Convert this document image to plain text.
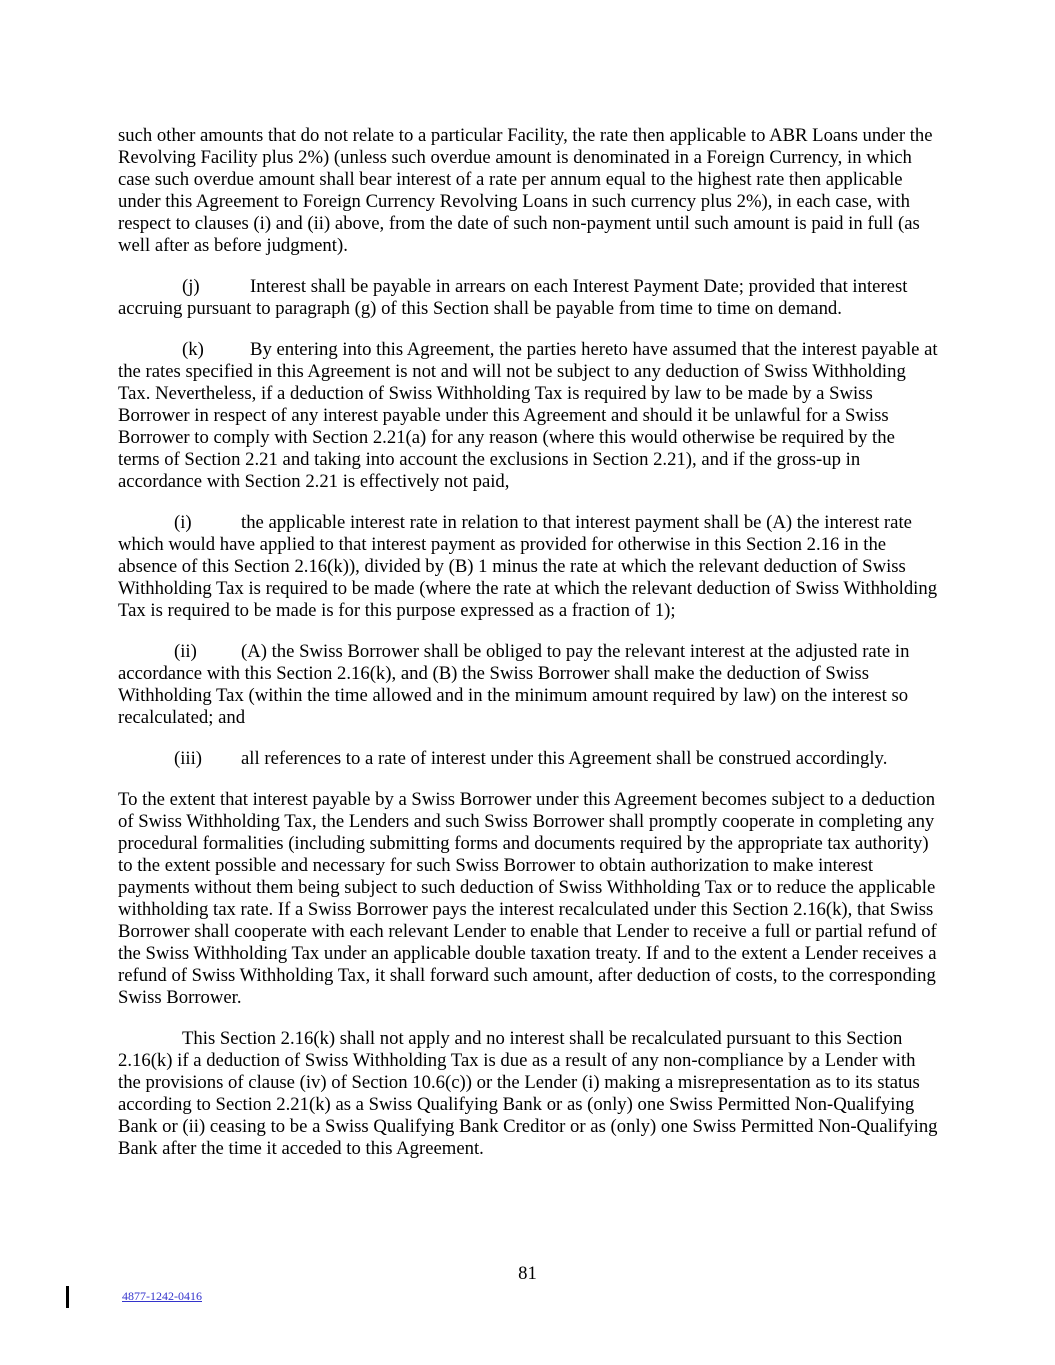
such other amounts that do not relate to a particular Facility, the rate then applicable to ABR Loans under the Revolving Facility plus 2%) (unless such overdue amount is denominated in a Foreign Currency, in which case such overdue amount shall bear interest of a rate per annum equal to the highest rate then applicable under this Agreement to Foreign Currency Revolving Loans in such currency plus 2%), in each case, with respect to clauses (i) and (ii) above, from the date of such non-payment until such amount is paid in full (as well after as before judgment).

(j)	Interest shall be payable in arrears on each Interest Payment Date; provided that interest accruing pursuant to paragraph (g) of this Section shall be payable from time to time on demand.

(k) By entering into this Agreement, the parties hereto have assumed that the interest payable at the rates specified in this Agreement is not and will not be subject to any deduction of Swiss Withholding Tax. Nevertheless, if a deduction of Swiss Withholding Tax is required by law to be made by a Swiss Borrower in respect of any interest payable under this Agreement and should it be unlawful for a Swiss Borrower to comply with Section 2.21(a) for any reason (where this would otherwise be required by the terms of Section 2.21 and taking into account the exclusions in Section 2.21), and if the gross-up in accordance with Section 2.21 is effectively not paid,

(i)	the applicable interest rate in relation to that interest payment shall be (A) the interest rate which would have applied to that interest payment as provided for otherwise in this Section 2.16 in the absence of this Section 2.16(k)), divided by (B) 1 minus the rate at which the relevant deduction of Swiss Withholding Tax is required to be made (where the rate at which the relevant deduction of Swiss Withholding Tax is required to be made is for this purpose expressed as a fraction of 1);

(ii) (A) the Swiss Borrower shall be obliged to pay the relevant interest at the adjusted rate in accordance with this Section 2.16(k), and (B) the Swiss Borrower shall make the deduction of Swiss Withholding Tax (within the time allowed and in the minimum amount required by law) on the interest so recalculated; and

(iii) all references to a rate of interest under this Agreement shall be construed accordingly.

To the extent that interest payable by a Swiss Borrower under this Agreement becomes subject to a deduction of Swiss Withholding Tax, the Lenders and such Swiss Borrower shall promptly cooperate in completing any procedural formalities (including submitting forms and documents required by the appropriate tax authority) to the extent possible and necessary for such Swiss Borrower to obtain authorization to make interest payments without them being subject to such deduction of Swiss Withholding Tax or to reduce the applicable withholding tax rate. If a Swiss Borrower pays the interest recalculated under this Section 2.16(k), that Swiss Borrower shall cooperate with each relevant Lender to enable that Lender to receive a full or partial refund of the Swiss Withholding Tax under an applicable double taxation treaty. If and to the extent a Lender receives a refund of Swiss Withholding Tax, it shall forward such amount, after deduction of costs, to the corresponding Swiss Borrower.

This Section 2.16(k) shall not apply and no interest shall be recalculated pursuant to this Section 2.16(k) if a deduction of Swiss Withholding Tax is due as a result of any non-compliance by a Lender with the provisions of clause (iv) of Section 10.6(c)) or the Lender (i) making a misrepresentation as to its status according to Section 2.21(k) as a Swiss Qualifying Bank or as (only) one Swiss Permitted Non-Qualifying Bank or (ii) ceasing to be a Swiss Qualifying Bank Creditor or as (only) one Swiss Permitted Non-Qualifying Bank after the time it acceded to this Agreement.

81
4877-1242-0416
